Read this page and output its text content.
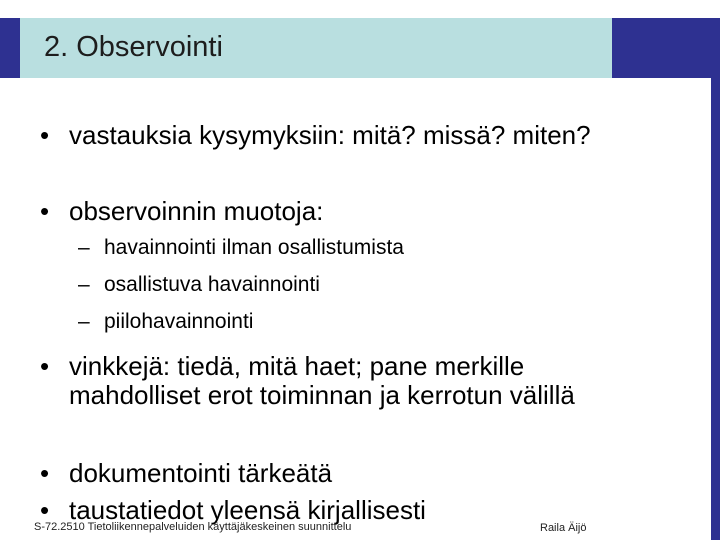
2. Observointi

• vastauksia kysymyksiin: mitä? missä? miten?

• observoinnin muotoja:

– havainnointi ilman osallistumista

– osallistuva havainnointi

– piilohavainnointi

• vinkkejä: tiedä, mitä haet; pane merkille mahdolliset erot toiminnan ja kerrotun välillä

• dokumentointi tärkeätä

• taustatiedot yleensä kirjallisesti

S-72.2510 Tietoliikennepalveluiden käyttäjäkeskeinen suunnittelu	Raila Äijö
